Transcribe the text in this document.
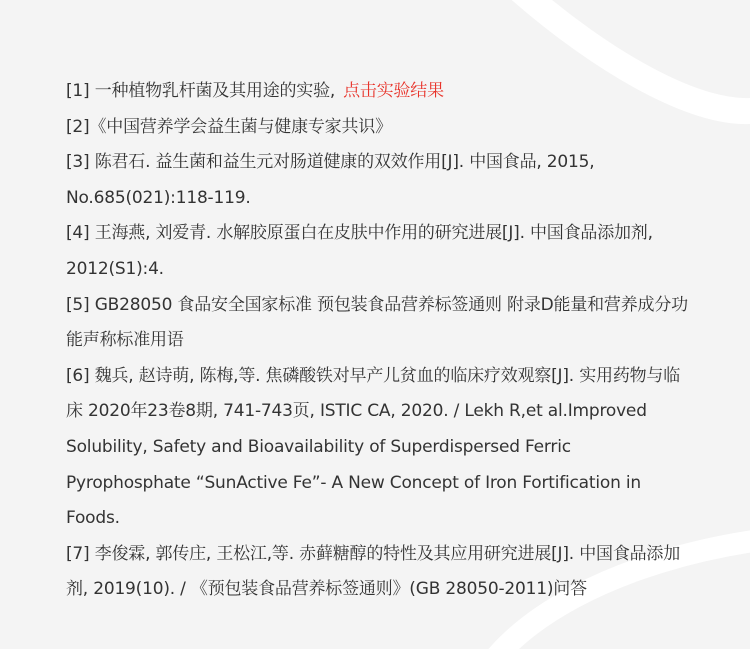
[1] 一种植物乳杆菌及其用途的实验, 点击实验结果
[2]《中国营养学会益生菌与健康专家共识》
[3] 陈君石. 益生菌和益生元对肠道健康的双效作用[J]. 中国食品, 2015, No.685(021):118-119.
[4] 王海燕, 刘爱青. 水解胶原蛋白在皮肤中作用的研究进展[J]. 中国食品添加剂, 2012(S1):4.
[5] GB28050 食品安全国家标准 预包装食品营养标签通则 附录D能量和营养成分功能声称标准用语
[6] 魏兵, 赵诗萌, 陈梅,等. 焦磷酸铁对早产儿贫血的临床疗效观察[J]. 实用药物与临床 2020年23卷8期, 741-743页, ISTIC CA, 2020. / Lekh R,et al.Improved Solubility, Safety and Bioavailability of Superdispersed Ferric Pyrophosphate “SunActive Fe”- A New Concept of Iron Fortification in Foods.
[7] 李俊霖, 郭传庄, 王松江,等. 赤藓糖醇的特性及其应用研究进展[J]. 中国食品添加剂, 2019(10). / 《预包装食品营养标签通则》(GB 28050-2011)问答
